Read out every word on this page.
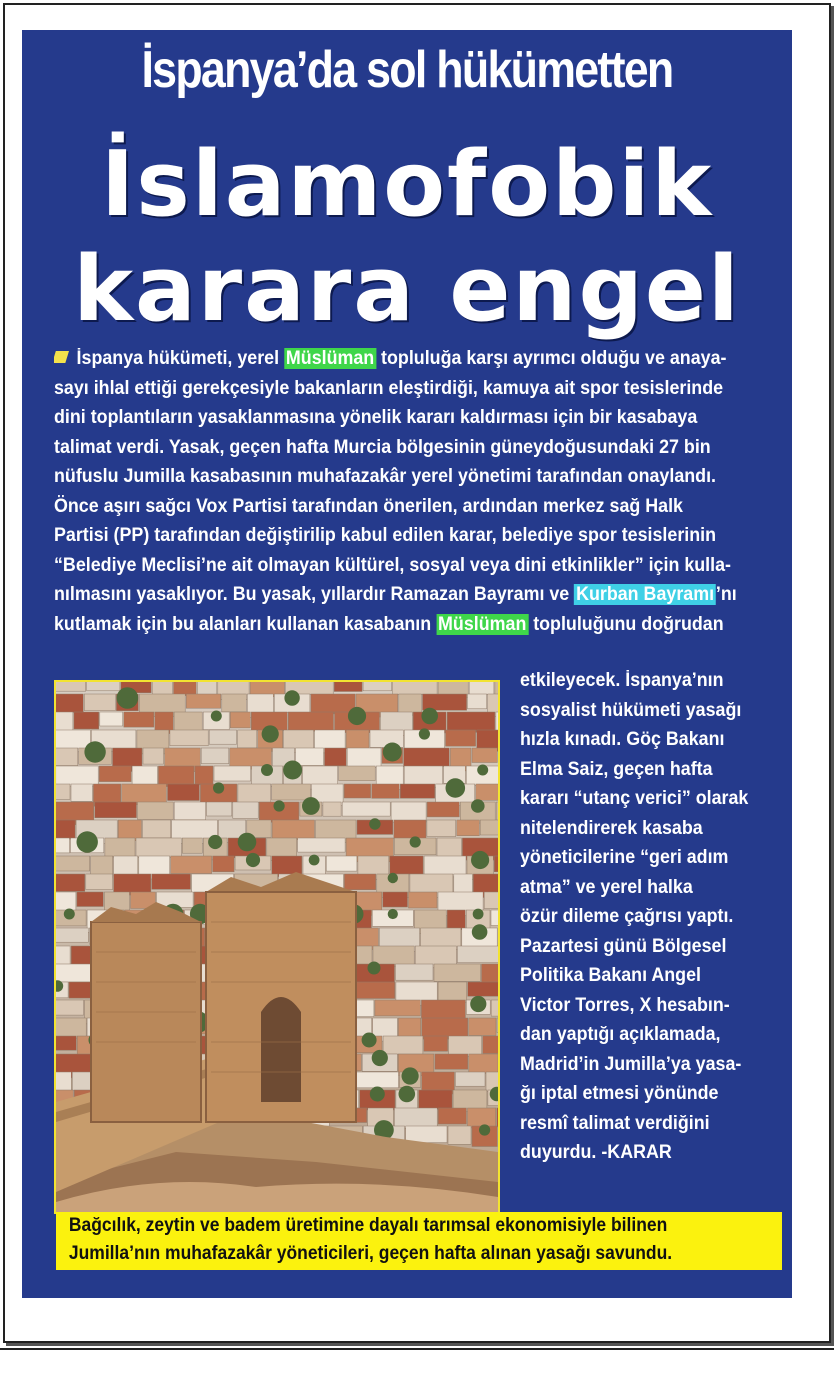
İspanya’da sol hükümetten
İslamofobik
karara engel
İspanya hükümeti, yerel Müslüman topluluğa karşı ayrımcı olduğu ve anaya-
sayı ihlal ettiği gerekçesiyle bakanların eleştirdiği, kamuya ait spor tesislerinde
dini toplantıların yasaklanmasına yönelik kararı kaldırması için bir kasabaya
talimat verdi. Yasak, geçen hafta Murcia bölgesinin güneydoğusundaki 27 bin
nüfuslu Jumilla kasabasının muhafazakâr yerel yönetimi tarafından onaylandı.
Önce aşırı sağcı Vox Partisi tarafından önerilen, ardından merkez sağ Halk
Partisi (PP) tarafından değiştirilip kabul edilen karar, belediye spor tesislerinin
“Belediye Meclisi’ne ait olmayan kültürel, sosyal veya dini etkinlikler” için kulla-
nılmasını yasaklıyor. Bu yasak, yıllardır Ramazan Bayramı ve Kurban Bayramı’nı
kutlamak için bu alanları kullanan kasabanın Müslüman topluluğunu doğrudan
etkileyecek. İspanya’nın
sosyalist hükümeti yasağı
hızla kınadı. Göç Bakanı
Elma Saiz, geçen hafta
kararı “utanç verici” olarak
nitelendirerek kasaba
yöneticilerine “geri adım
atma” ve yerel halka
özür dileme çağrısı yaptı.
Pazartesi günü Bölgesel
Politika Bakanı Angel
Victor Torres, X hesabın-
dan yaptığı açıklamada,
Madrid’in Jumilla’ya yasa-
ğı iptal etmesi yönünde
resmî talimat verdiğini
duyurdu. -KARAR
Bağcılık, zeytin ve badem üretimine dayalı tarımsal ekonomisiyle bilinen
Jumilla’nın muhafazakâr yöneticileri, geçen hafta alınan yasağı savundu.
